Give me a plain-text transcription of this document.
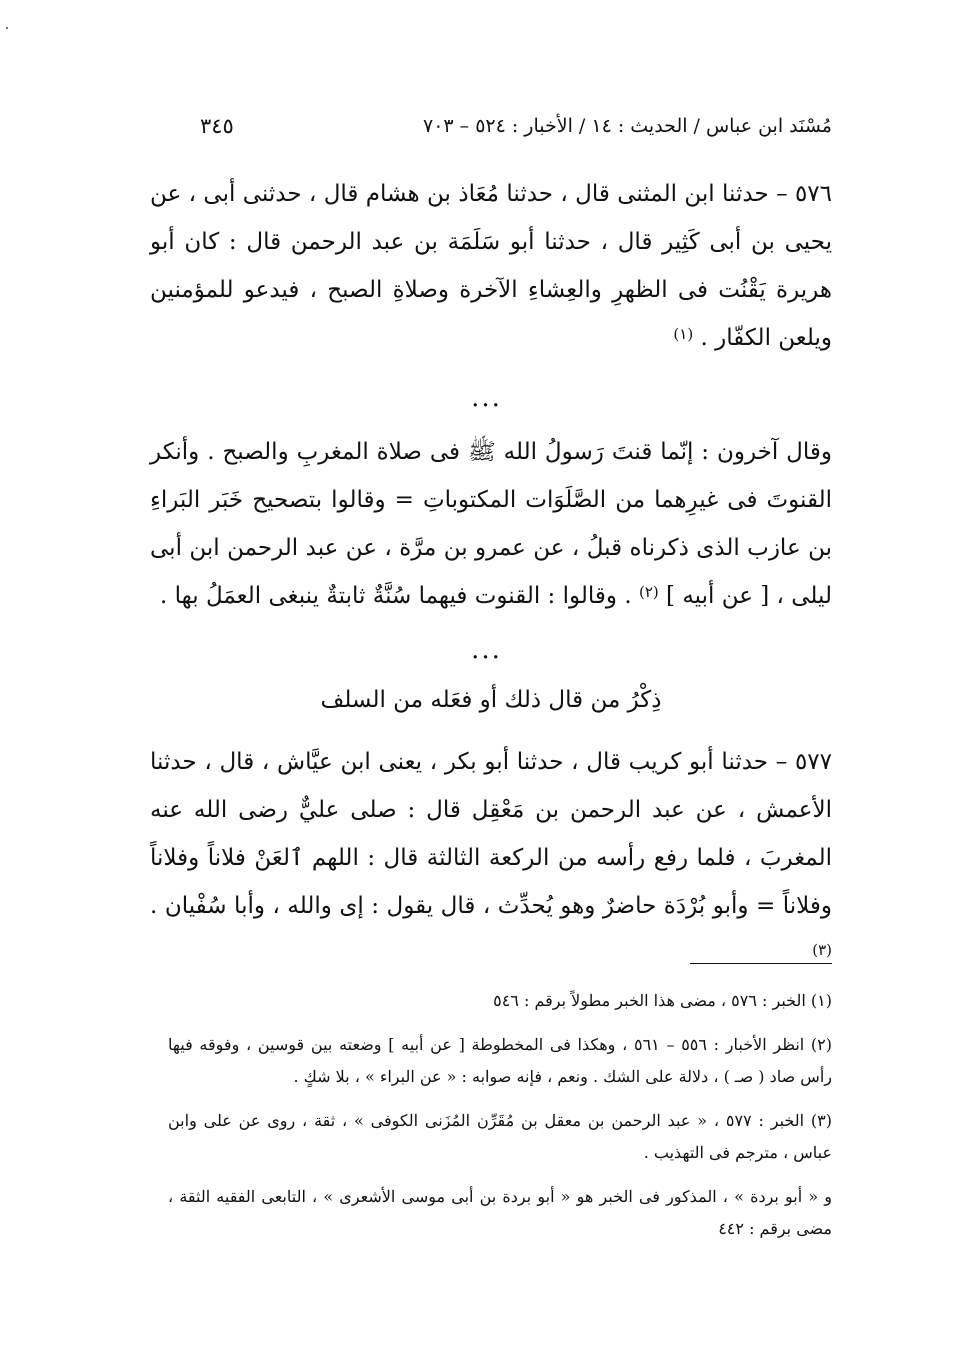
مُسْنَد ابن عباس / الحديث : ١٤ / الأخبار : ٥٢٤ – ٧٠٣
٣٤٥

٥٧٦ – حدثنا ابن المثنى قال ، حدثنا مُعَاذ بن هشام قال ، حدثنى أبى ، عن يحيى بن أبى كَثِير قال ، حدثنا أبو سَلَمَة بن عبد الرحمن قال : كان أبو هريرة يَقْنُت فى الظهرِ والعِشاءِ الآخرة وصلاةِ الصبح ، فيدعو للمؤمنين ويلعن الكفّار . $^{(١)}$

...

وقال آخرون : إنّما قنتَ رَسولُ الله ﷺ فى صلاة المغربِ والصبح . وأنكر القنوتَ فى غيرِهما من الصَّلَوَات المكتوباتِ = وقالوا بتصحيح خَبَر البَراءِ بن عازب الذى ذكرناه قبلُ ، عن عمرو بن مرَّة ، عن عبد الرحمن ابن أبى ليلى ، [ عن أبيه ] $^{(٢)}$ . وقالوا : القنوت فيهما سُنَّةٌ ثابتةٌ ينبغى العمَلُ بها .

...
ذِكْرُ من قال ذلك أو فعَله من السلف

٥٧٧ – حدثنا أبو كريب قال ، حدثنا أبو بكر ، يعنى ابن عيَّاش ، قال ، حدثنا الأعمش ، عن عبد الرحمن بن مَعْقِل قال : صلى عليٌّ رضى الله عنه المغربَ ، فلما رفع رأسه من الركعة الثالثة قال : اللهم ٱلعَنْ فلاناً وفلاناً وفلاناً = وأبو بُرْدَة حاضرٌ وهو يُحدِّث ، قال يقول : إى والله ، وأبا سُفْيان . $^{(٣)}$

(١) الخبر : ٥٧٦ ، مضى هذا الخبر مطولاً برقم : ٥٤٦

(٢) انظر الأخبار : ٥٥٦ – ٥٦١ ، وهكذا فى المخطوطة [ عن أبيه ] وضعته بين قوسين ، وفوقه فيها رأس صاد ( صـ ) ، دلالة على الشك . ونعم ، فإنه صوابه : « عن البراء » ، بلا شكٍ .

(٣) الخبر : ٥٧٧ ، « عبد الرحمن بن معقل بن مُقَرِّن المُزَنى الكوفى » ، ثقة ، روى عن على وابن عباس ، مترجم فى التهذيب .

و « أبو بردة » ، المذكور فى الخبر هو « أبو بردة بن أبى موسى الأشعرى » ، التابعى الفقيه الثقة ، مضى برقم : ٤٤٢
